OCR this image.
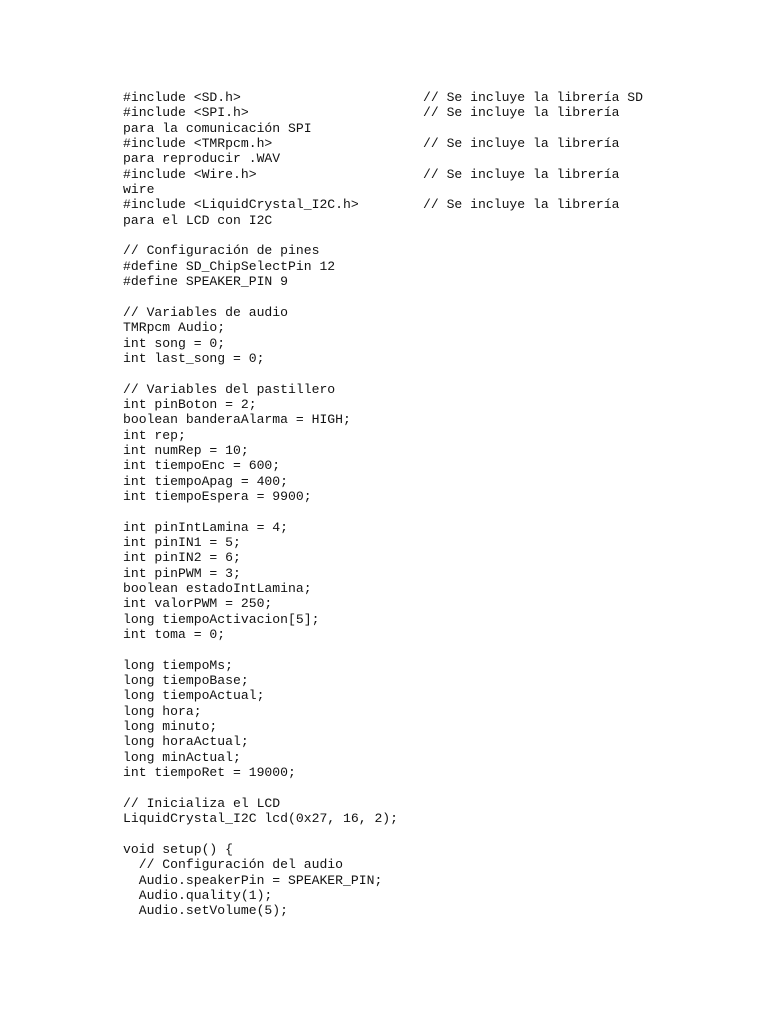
#include <SD.h>	// Se incluye la librería SD
#include <SPI.h>	// Se incluye la librería
para la comunicación SPI
#include <TMRpcm.h>	// Se incluye la librería
para reproducir .WAV
#include <Wire.h>	// Se incluye la librería
wire
#include <LiquidCrystal_I2C.h>	// Se incluye la librería
para el LCD con I2C
// Configuración de pines
#define SD_ChipSelectPin 12
#define SPEAKER_PIN 9
// Variables de audio
TMRpcm Audio;
int song = 0;
int last_song = 0;
// Variables del pastillero
int pinBoton = 2;
boolean banderaAlarma = HIGH;
int rep;
int numRep = 10;
int tiempoEnc = 600;
int tiempoApag = 400;
int tiempoEspera = 9900;
int pinIntLamina = 4;
int pinIN1 = 5;
int pinIN2 = 6;
int pinPWM = 3;
boolean estadoIntLamina;
int valorPWM = 250;
long tiempoActivacion[5];
int toma = 0;
long tiempoMs;
long tiempoBase;
long tiempoActual;
long hora;
long minuto;
long horaActual;
long minActual;
int tiempoRet = 19000;
// Inicializa el LCD
LiquidCrystal_I2C lcd(0x27, 16, 2);
void setup() {
// Configuración del audio
Audio.speakerPin = SPEAKER_PIN;
Audio.quality(1);
Audio.setVolume(5);
